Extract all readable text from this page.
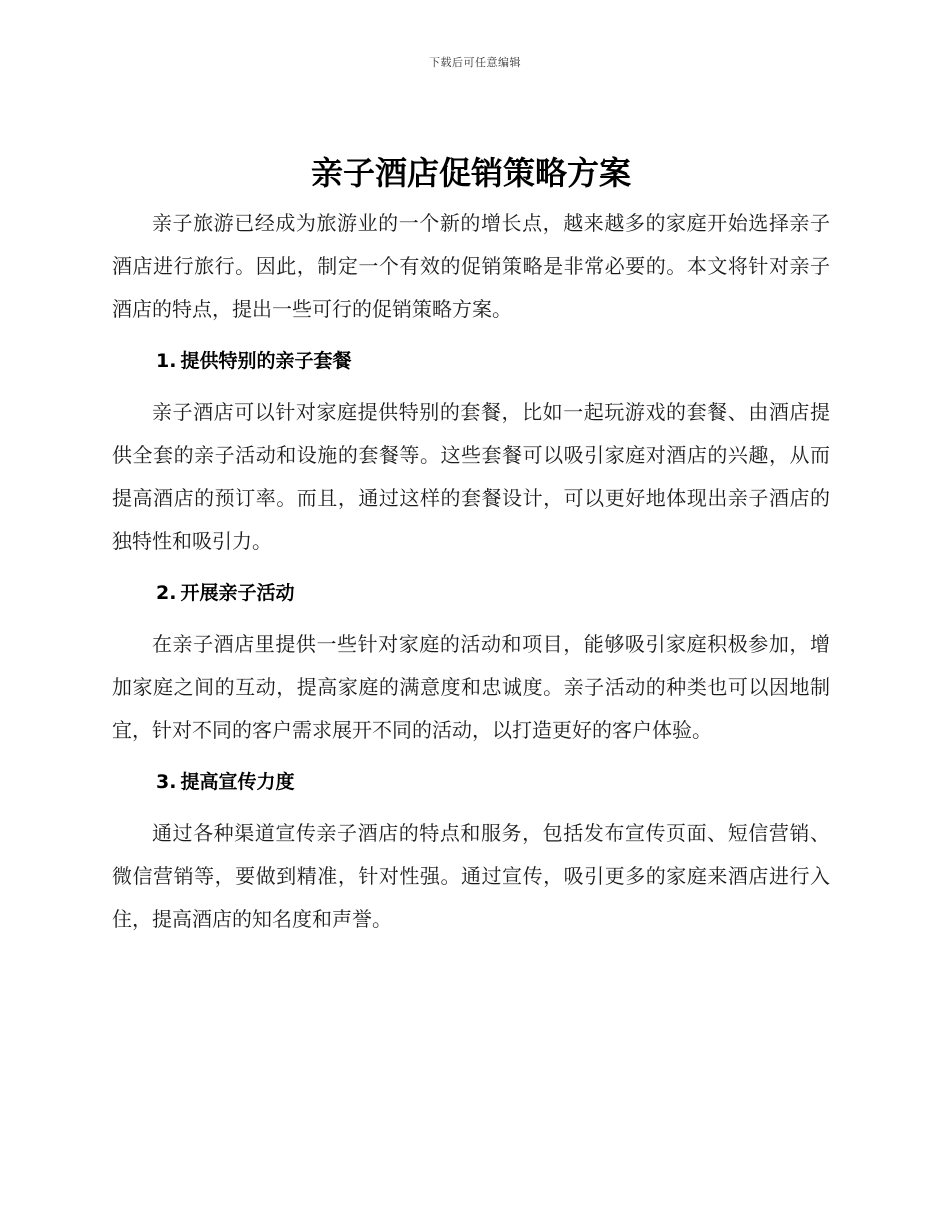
下载后可任意编辑
亲子酒店促销策略方案

亲子旅游已经成为旅游业的一个新的增长点，越来越多的家庭开始选择亲子酒店进行旅行。因此，制定一个有效的促销策略是非常必要的。本文将针对亲子酒店的特点，提出一些可行的促销策略方案。

1. 提供特别的亲子套餐

亲子酒店可以针对家庭提供特别的套餐，比如一起玩游戏的套餐、由酒店提供全套的亲子活动和设施的套餐等。这些套餐可以吸引家庭对酒店的兴趣，从而提高酒店的预订率。而且，通过这样的套餐设计，可以更好地体现出亲子酒店的独特性和吸引力。

2. 开展亲子活动

在亲子酒店里提供一些针对家庭的活动和项目，能够吸引家庭积极参加，增加家庭之间的互动，提高家庭的满意度和忠诚度。亲子活动的种类也可以因地制宜，针对不同的客户需求展开不同的活动，以打造更好的客户体验。

3. 提高宣传力度

通过各种渠道宣传亲子酒店的特点和服务，包括发布宣传页面、短信营销、微信营销等，要做到精准，针对性强。通过宣传，吸引更多的家庭来酒店进行入住，提高酒店的知名度和声誉。
